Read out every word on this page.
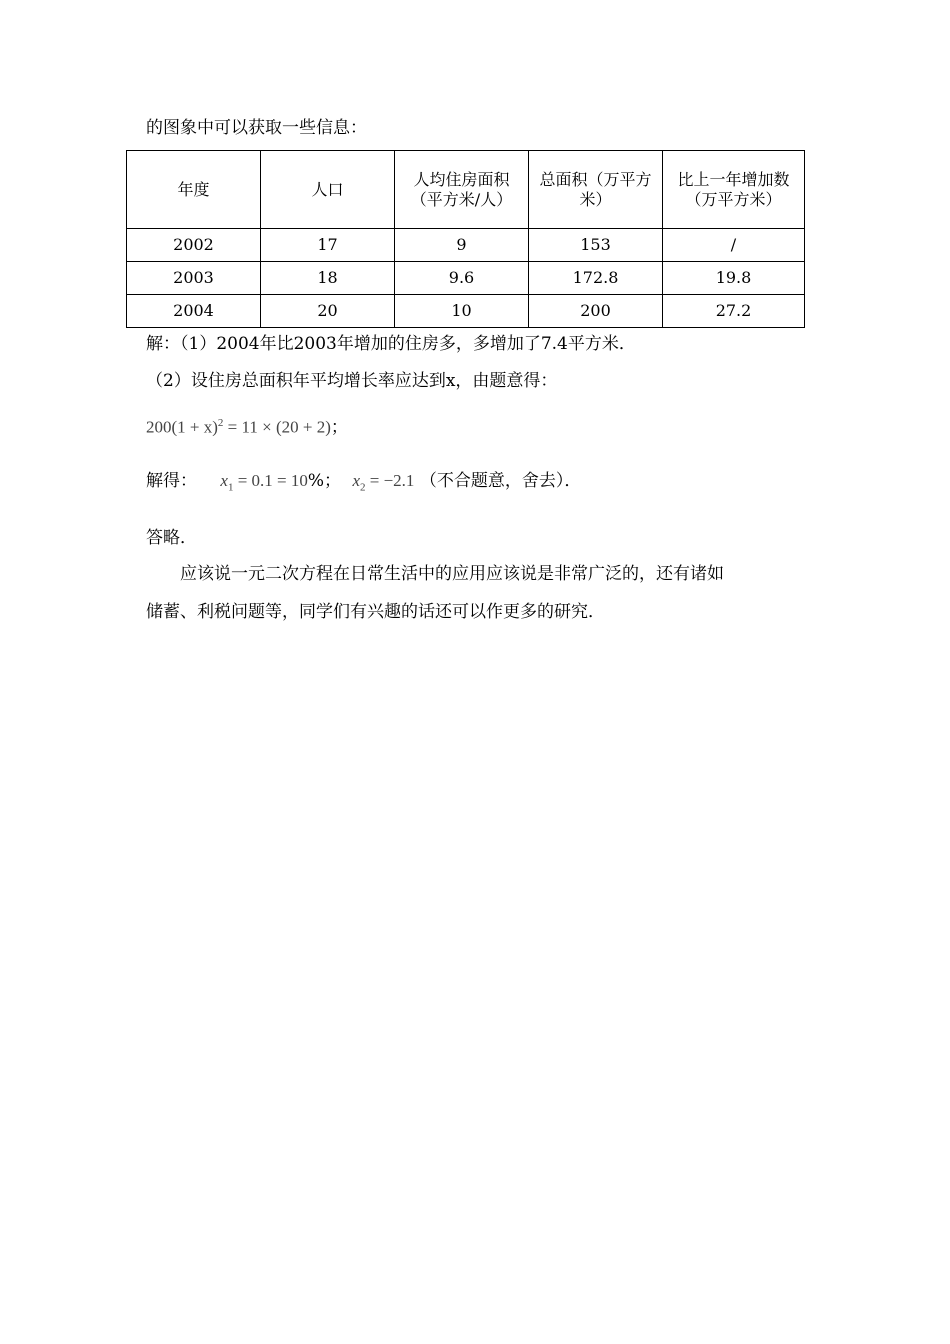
的图象中可以获取一些信息：
年度	人口	人均住房面积（平方米/人）	总面积（万平方米）	比上一年增加数（万平方米）
2002	17	9	153	/
2003	18	9.6	172.8	19.8
2004	20	10	200	27.2
解：（1）2004年比2003年增加的住房多，多增加了7.4平方米．
（2）设住房总面积年平均增长率应达到x，由题意得：
$200(1 + x)^2 = 11 \times (20 + 2)$；
解得： $x_1 = 0.1 = 10\%$； $x_2 = -2.1$ （不合题意，舍去）．
答略．
应该说一元二次方程在日常生活中的应用应该说是非常广泛的，还有诸如
储蓄、利税问题等，同学们有兴趣的话还可以作更多的研究．
